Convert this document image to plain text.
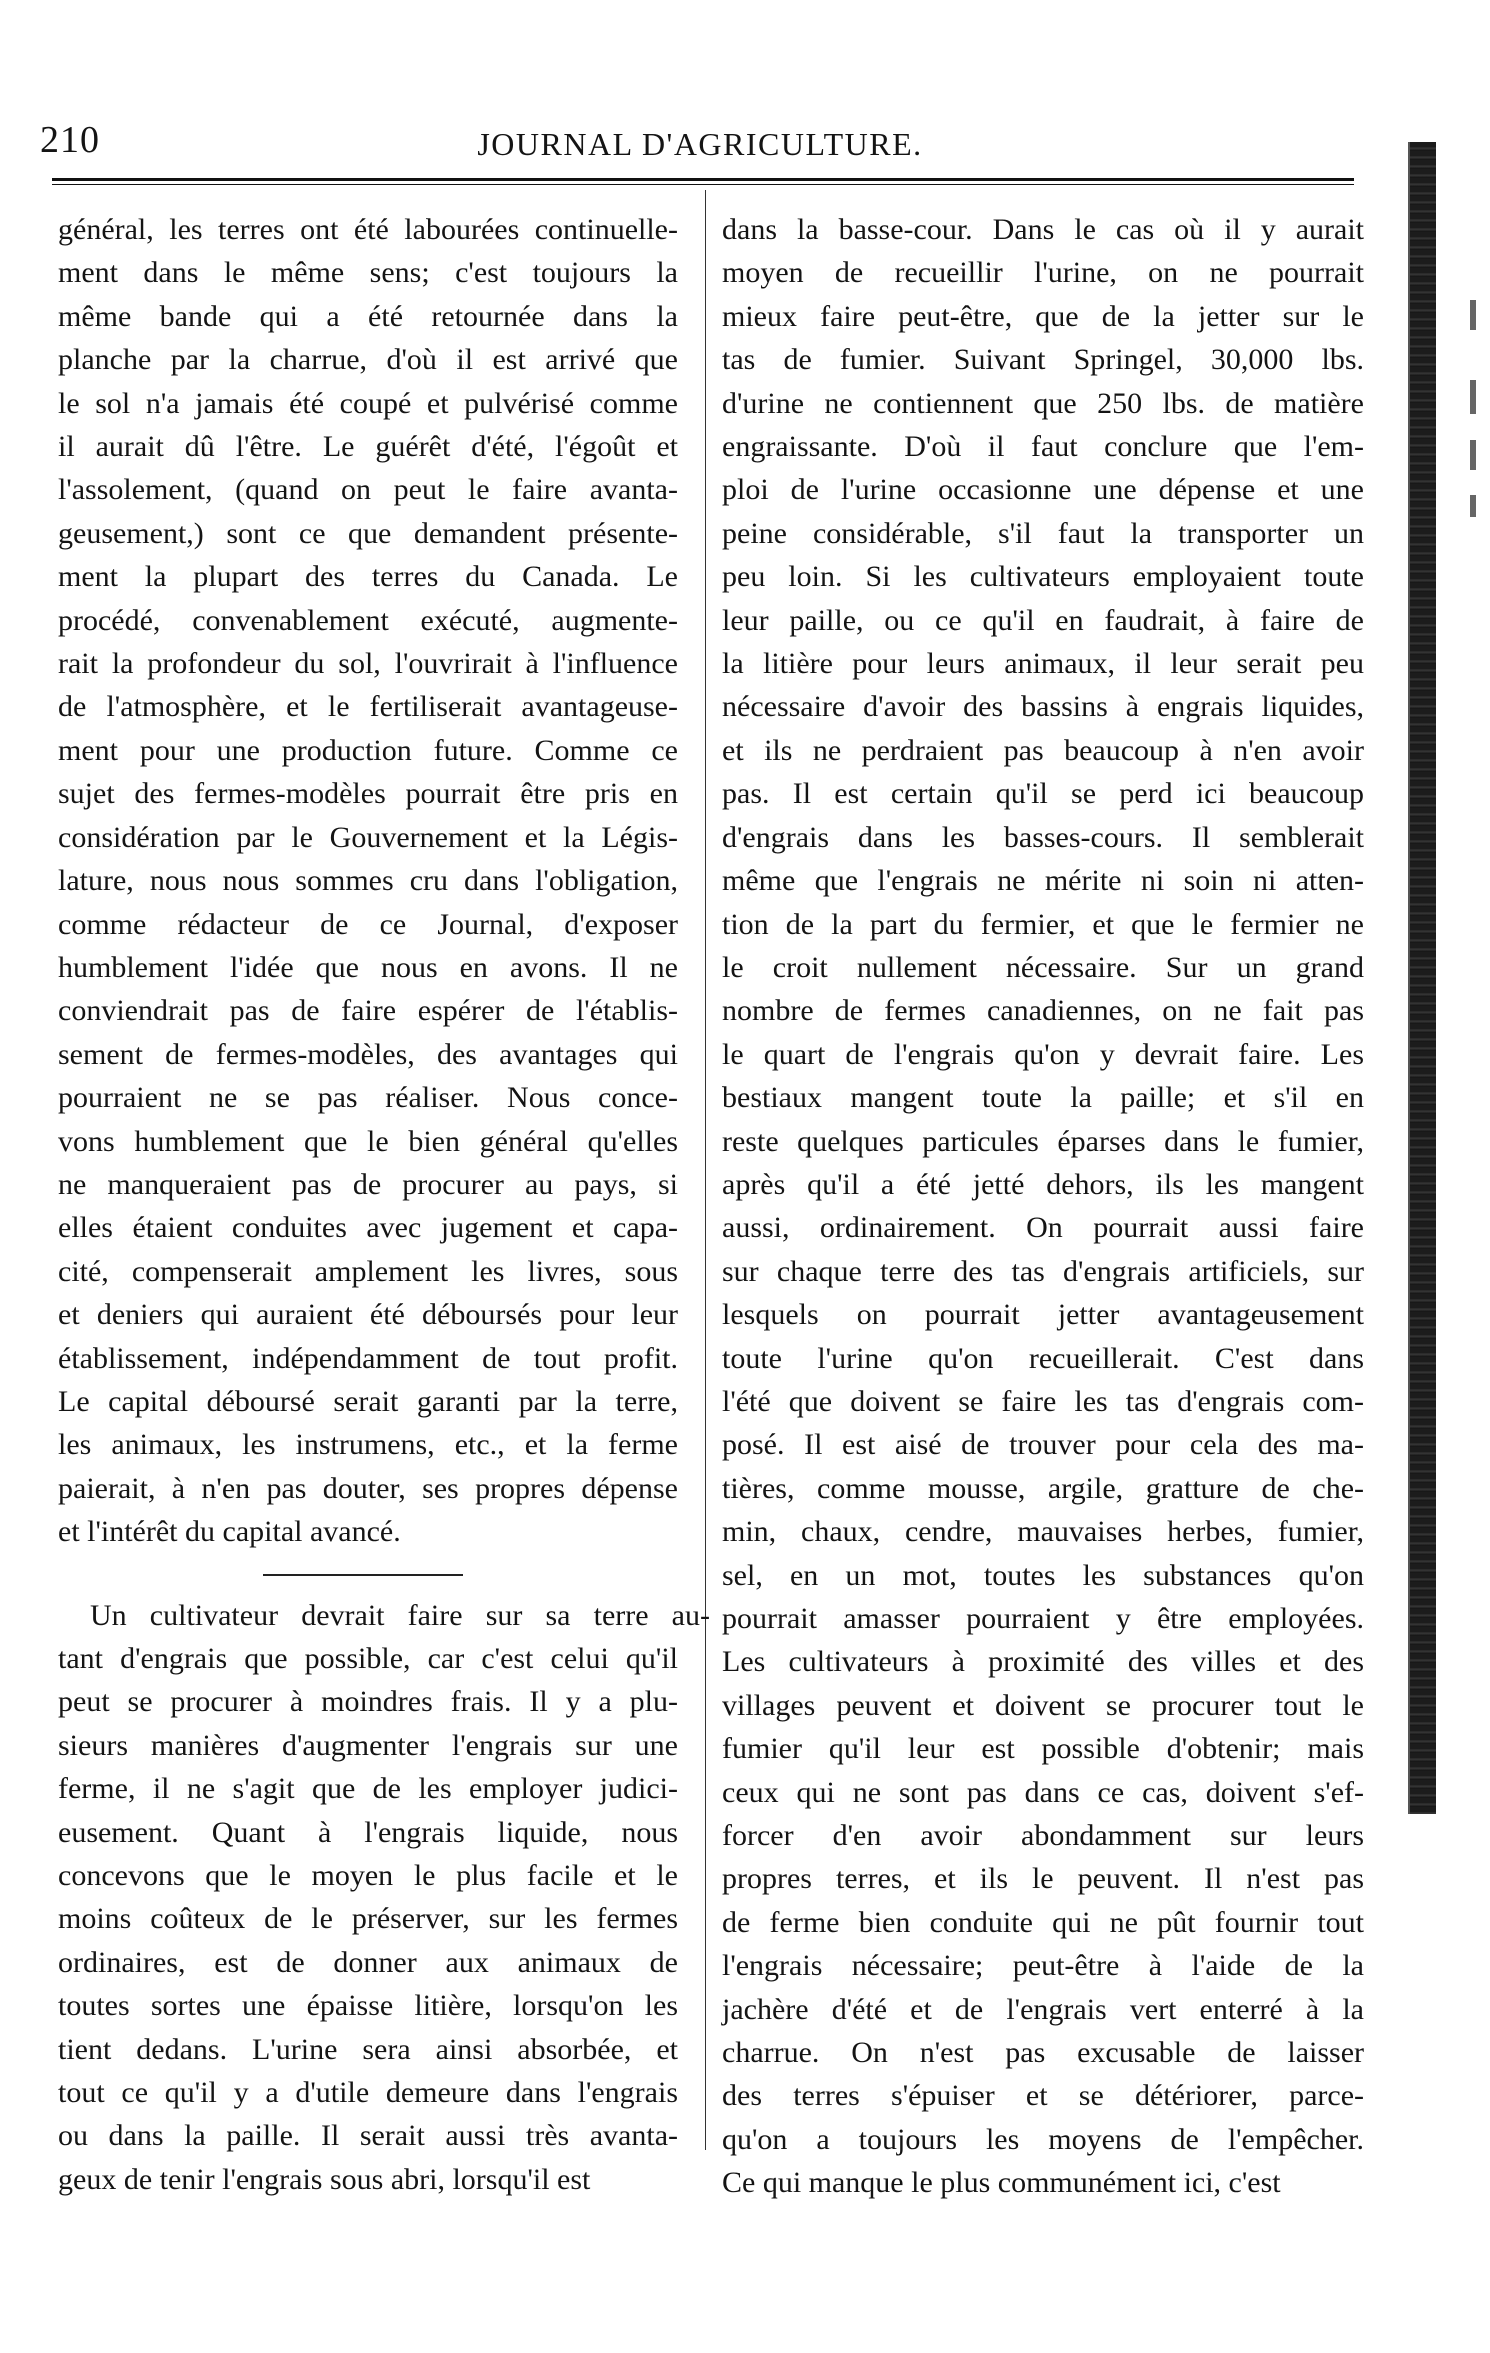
210	JOURNAL D'AGRICULTURE.
général, les terres ont été labourées continuelle-
ment dans le même sens; c'est toujours la
même bande qui a été retournée dans la
planche par la charrue, d'où il est arrivé que
le sol n'a jamais été coupé et pulvérisé comme
il aurait dû l'être. Le guérêt d'été, l'égoût et
l'assolement, (quand on peut le faire avanta-
geusement,) sont ce que demandent présente-
ment la plupart des terres du Canada. Le
procédé, convenablement exécuté, augmente-
rait la profondeur du sol, l'ouvrirait à l'influence
de l'atmosphère, et le fertiliserait avantageuse-
ment pour une production future. Comme ce
sujet des fermes-modèles pourrait être pris en
considération par le Gouvernement et la Légis-
lature, nous nous sommes cru dans l'obligation,
comme rédacteur de ce Journal, d'exposer
humblement l'idée que nous en avons. Il ne
conviendrait pas de faire espérer de l'établis-
sement de fermes-modèles, des avantages qui
pourraient ne se pas réaliser. Nous conce-
vons humblement que le bien général qu'elles
ne manqueraient pas de procurer au pays, si
elles étaient conduites avec jugement et capa-
cité, compenserait amplement les livres, sous
et deniers qui auraient été déboursés pour leur
établissement, indépendamment de tout profit.
Le capital déboursé serait garanti par la terre,
les animaux, les instrumens, etc., et la ferme
paierait, à n'en pas douter, ses propres dépense
et l'intérêt du capital avancé.
Un cultivateur devrait faire sur sa terre au-
tant d'engrais que possible, car c'est celui qu'il
peut se procurer à moindres frais. Il y a plu-
sieurs manières d'augmenter l'engrais sur une
ferme, il ne s'agit que de les employer judici-
eusement. Quant à l'engrais liquide, nous
concevons que le moyen le plus facile et le
moins coûteux de le préserver, sur les fermes
ordinaires, est de donner aux animaux de
toutes sortes une épaisse litière, lorsqu'on les
tient dedans. L'urine sera ainsi absorbée, et
tout ce qu'il y a d'utile demeure dans l'engrais
ou dans la paille. Il serait aussi très avanta-
geux de tenir l'engrais sous abri, lorsqu'il est
dans la basse-cour. Dans le cas où il y aurait
moyen de recueillir l'urine, on ne pourrait
mieux faire peut-être, que de la jetter sur le
tas de fumier. Suivant Springel, 30,000 lbs.
d'urine ne contiennent que 250 lbs. de matière
engraissante. D'où il faut conclure que l'em-
ploi de l'urine occasionne une dépense et une
peine considérable, s'il faut la transporter un
peu loin. Si les cultivateurs employaient toute
leur paille, ou ce qu'il en faudrait, à faire de
la litière pour leurs animaux, il leur serait peu
nécessaire d'avoir des bassins à engrais liquides,
et ils ne perdraient pas beaucoup à n'en avoir
pas. Il est certain qu'il se perd ici beaucoup
d'engrais dans les basses-cours. Il semblerait
même que l'engrais ne mérite ni soin ni atten-
tion de la part du fermier, et que le fermier ne
le croit nullement nécessaire. Sur un grand
nombre de fermes canadiennes, on ne fait pas
le quart de l'engrais qu'on y devrait faire. Les
bestiaux mangent toute la paille; et s'il en
reste quelques particules éparses dans le fumier,
après qu'il a été jetté dehors, ils les mangent
aussi, ordinairement. On pourrait aussi faire
sur chaque terre des tas d'engrais artificiels, sur
lesquels on pourrait jetter avantageusement
toute l'urine qu'on recueillerait. C'est dans
l'été que doivent se faire les tas d'engrais com-
posé. Il est aisé de trouver pour cela des ma-
tières, comme mousse, argile, gratture de che-
min, chaux, cendre, mauvaises herbes, fumier,
sel, en un mot, toutes les substances qu'on
pourrait amasser pourraient y être employées.
Les cultivateurs à proximité des villes et des
villages peuvent et doivent se procurer tout le
fumier qu'il leur est possible d'obtenir; mais
ceux qui ne sont pas dans ce cas, doivent s'ef-
forcer d'en avoir abondamment sur leurs
propres terres, et ils le peuvent. Il n'est pas
de ferme bien conduite qui ne pût fournir tout
l'engrais nécessaire; peut-être à l'aide de la
jachère d'été et de l'engrais vert enterré à la
charrue. On n'est pas excusable de laisser
des terres s'épuiser et se détériorer, parce-
qu'on a toujours les moyens de l'empêcher.
Ce qui manque le plus communément ici, c'est
